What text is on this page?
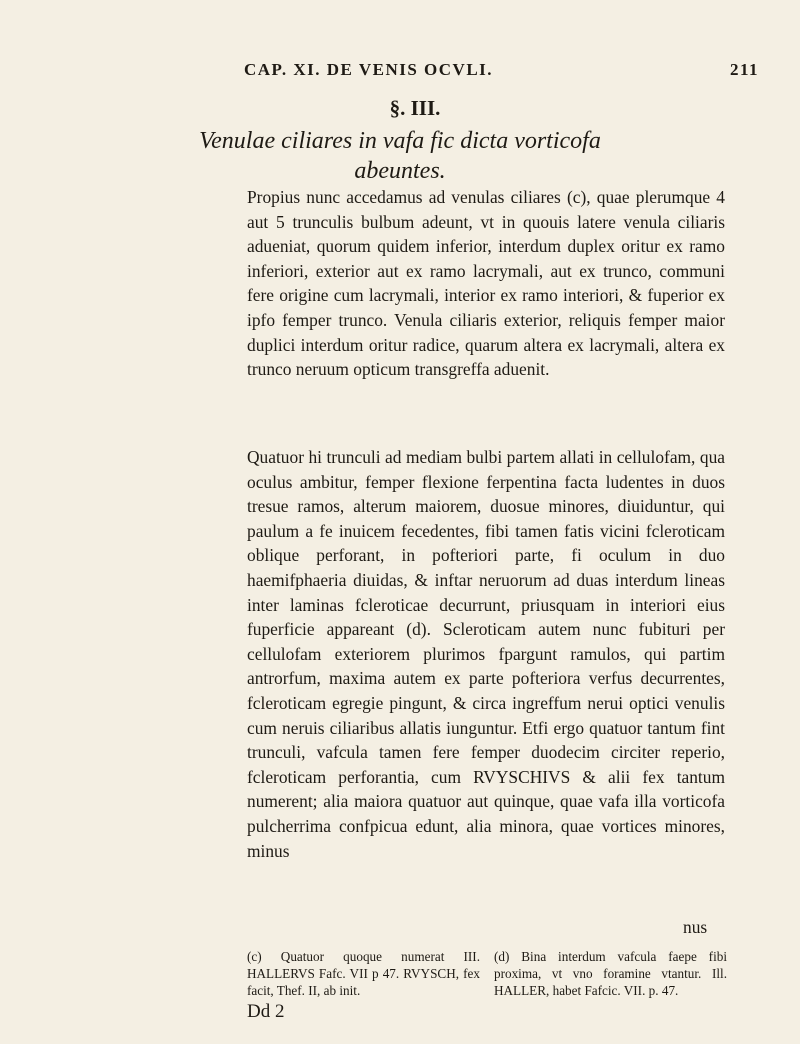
CAP. XI. DE VENIS OCVLI.	211
§. III.
Venulae ciliares in vafa fic dicta vorticofa
abeuntes.

Propius nunc accedamus ad venulas ciliares (c), quae plerumque 4 aut 5 trunculis bulbum adeunt, vt in quouis latere venula ciliaris adueniat, quorum quidem inferior, interdum duplex oritur ex ramo inferiori, exterior aut ex ramo lacrymali, aut ex trunco, communi fere origine cum lacrymali, interior ex ramo interiori, & fuperior ex ipfo femper trunco. Venula ciliaris exterior, reliquis femper maior duplici interdum oritur radice, quarum altera ex lacrymali, altera ex trunco neruum opticum transgreffa aduenit.

Quatuor hi trunculi ad mediam bulbi partem allati in cellulofam, qua oculus ambitur, femper flexione ferpentina facta ludentes in duos tresue ramos, alterum maiorem, duosue minores, diuiduntur, qui paulum a fe inuicem fecedentes, fibi tamen fatis vicini fcleroticam oblique perforant, in pofteriori parte, fi oculum in duo haemifphaeria diuidas, & inftar neruorum ad duas interdum lineas inter laminas fcleroticae decurrunt, priusquam in interiori eius fuperficie appareant (d). Scleroticam autem nunc fubituri per cellulofam exteriorem plurimos fpargunt ramulos, qui partim antrorfum, maxima autem ex parte pofteriora verfus decurrentes, fcleroticam egregie pingunt, & circa ingreffum nerui optici venulis cum neruis ciliaribus allatis iunguntur. Etfi ergo quatuor tantum fint trunculi, vafcula tamen fere femper duodecim circiter reperio, fcleroticam perforantia, cum RVYSCHIVS & alii fex tantum numerent; alia maiora quatuor aut quinque, quae vafa illa vorticofa pulcherrima confpicua edunt, alia minora, quae vortices minores, minus

nus
(c) Quatuor quoque numerat III. HALLERVS Fafc. VII p 47. RVYSCH, fex facit, Thef. II, ab init.
(d) Bina interdum vafcula faepe fibi proxima, vt vno foramine vtantur. Ill. HALLER, habet Fafcic. VII. p. 47.
Dd 2
